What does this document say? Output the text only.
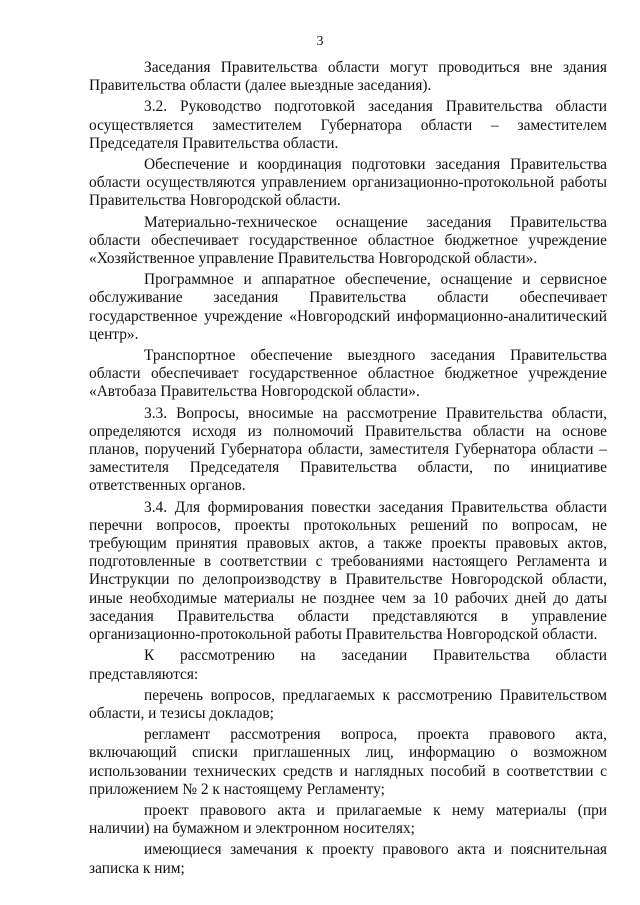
3

Заседания Правительства области могут проводиться вне здания Правительства области (далее выездные заседания).

3.2. Руководство подготовкой заседания Правительства области осуществляется заместителем Губернатора области – заместителем Председателя Правительства области.

Обеспечение и координация подготовки заседания Правительства области осуществляются управлением организационно-протокольной работы Правительства Новгородской области.

Материально-техническое оснащение заседания Правительства области обеспечивает государственное областное бюджетное учреждение «Хозяйственное управление Правительства Новгородской области».

Программное и аппаратное обеспечение, оснащение и сервисное обслуживание заседания Правительства области обеспечивает государственное учреждение «Новгородский информационно-аналитический центр».

Транспортное обеспечение выездного заседания Правительства области обеспечивает государственное областное бюджетное учреждение «Автобаза Правительства Новгородской области».

3.3. Вопросы, вносимые на рассмотрение Правительства области, определяются исходя из полномочий Правительства области на основе планов, поручений Губернатора области, заместителя Губернатора области – заместителя Председателя Правительства области, по инициативе ответственных органов.

3.4. Для формирования повестки заседания Правительства области перечни вопросов, проекты протокольных решений по вопросам, не требующим принятия правовых актов, а также проекты правовых актов, подготовленные в соответствии с требованиями настоящего Регламента и Инструкции по делопроизводству в Правительстве Новгородской области, иные необходимые материалы не позднее чем за 10 рабочих дней до даты заседания Правительства области представляются в управление организационно-протокольной работы Правительства Новгородской области.

К рассмотрению на заседании Правительства области представляются:

перечень вопросов, предлагаемых к рассмотрению Правительством области, и тезисы докладов;

регламент рассмотрения вопроса, проекта правового акта, включающий списки приглашенных лиц, информацию о возможном использовании технических средств и наглядных пособий в соответствии с приложением № 2 к настоящему Регламенту;

проект правового акта и прилагаемые к нему материалы (при наличии) на бумажном и электронном носителях;

имеющиеся замечания к проекту правового акта и пояснительная записка к ним;
